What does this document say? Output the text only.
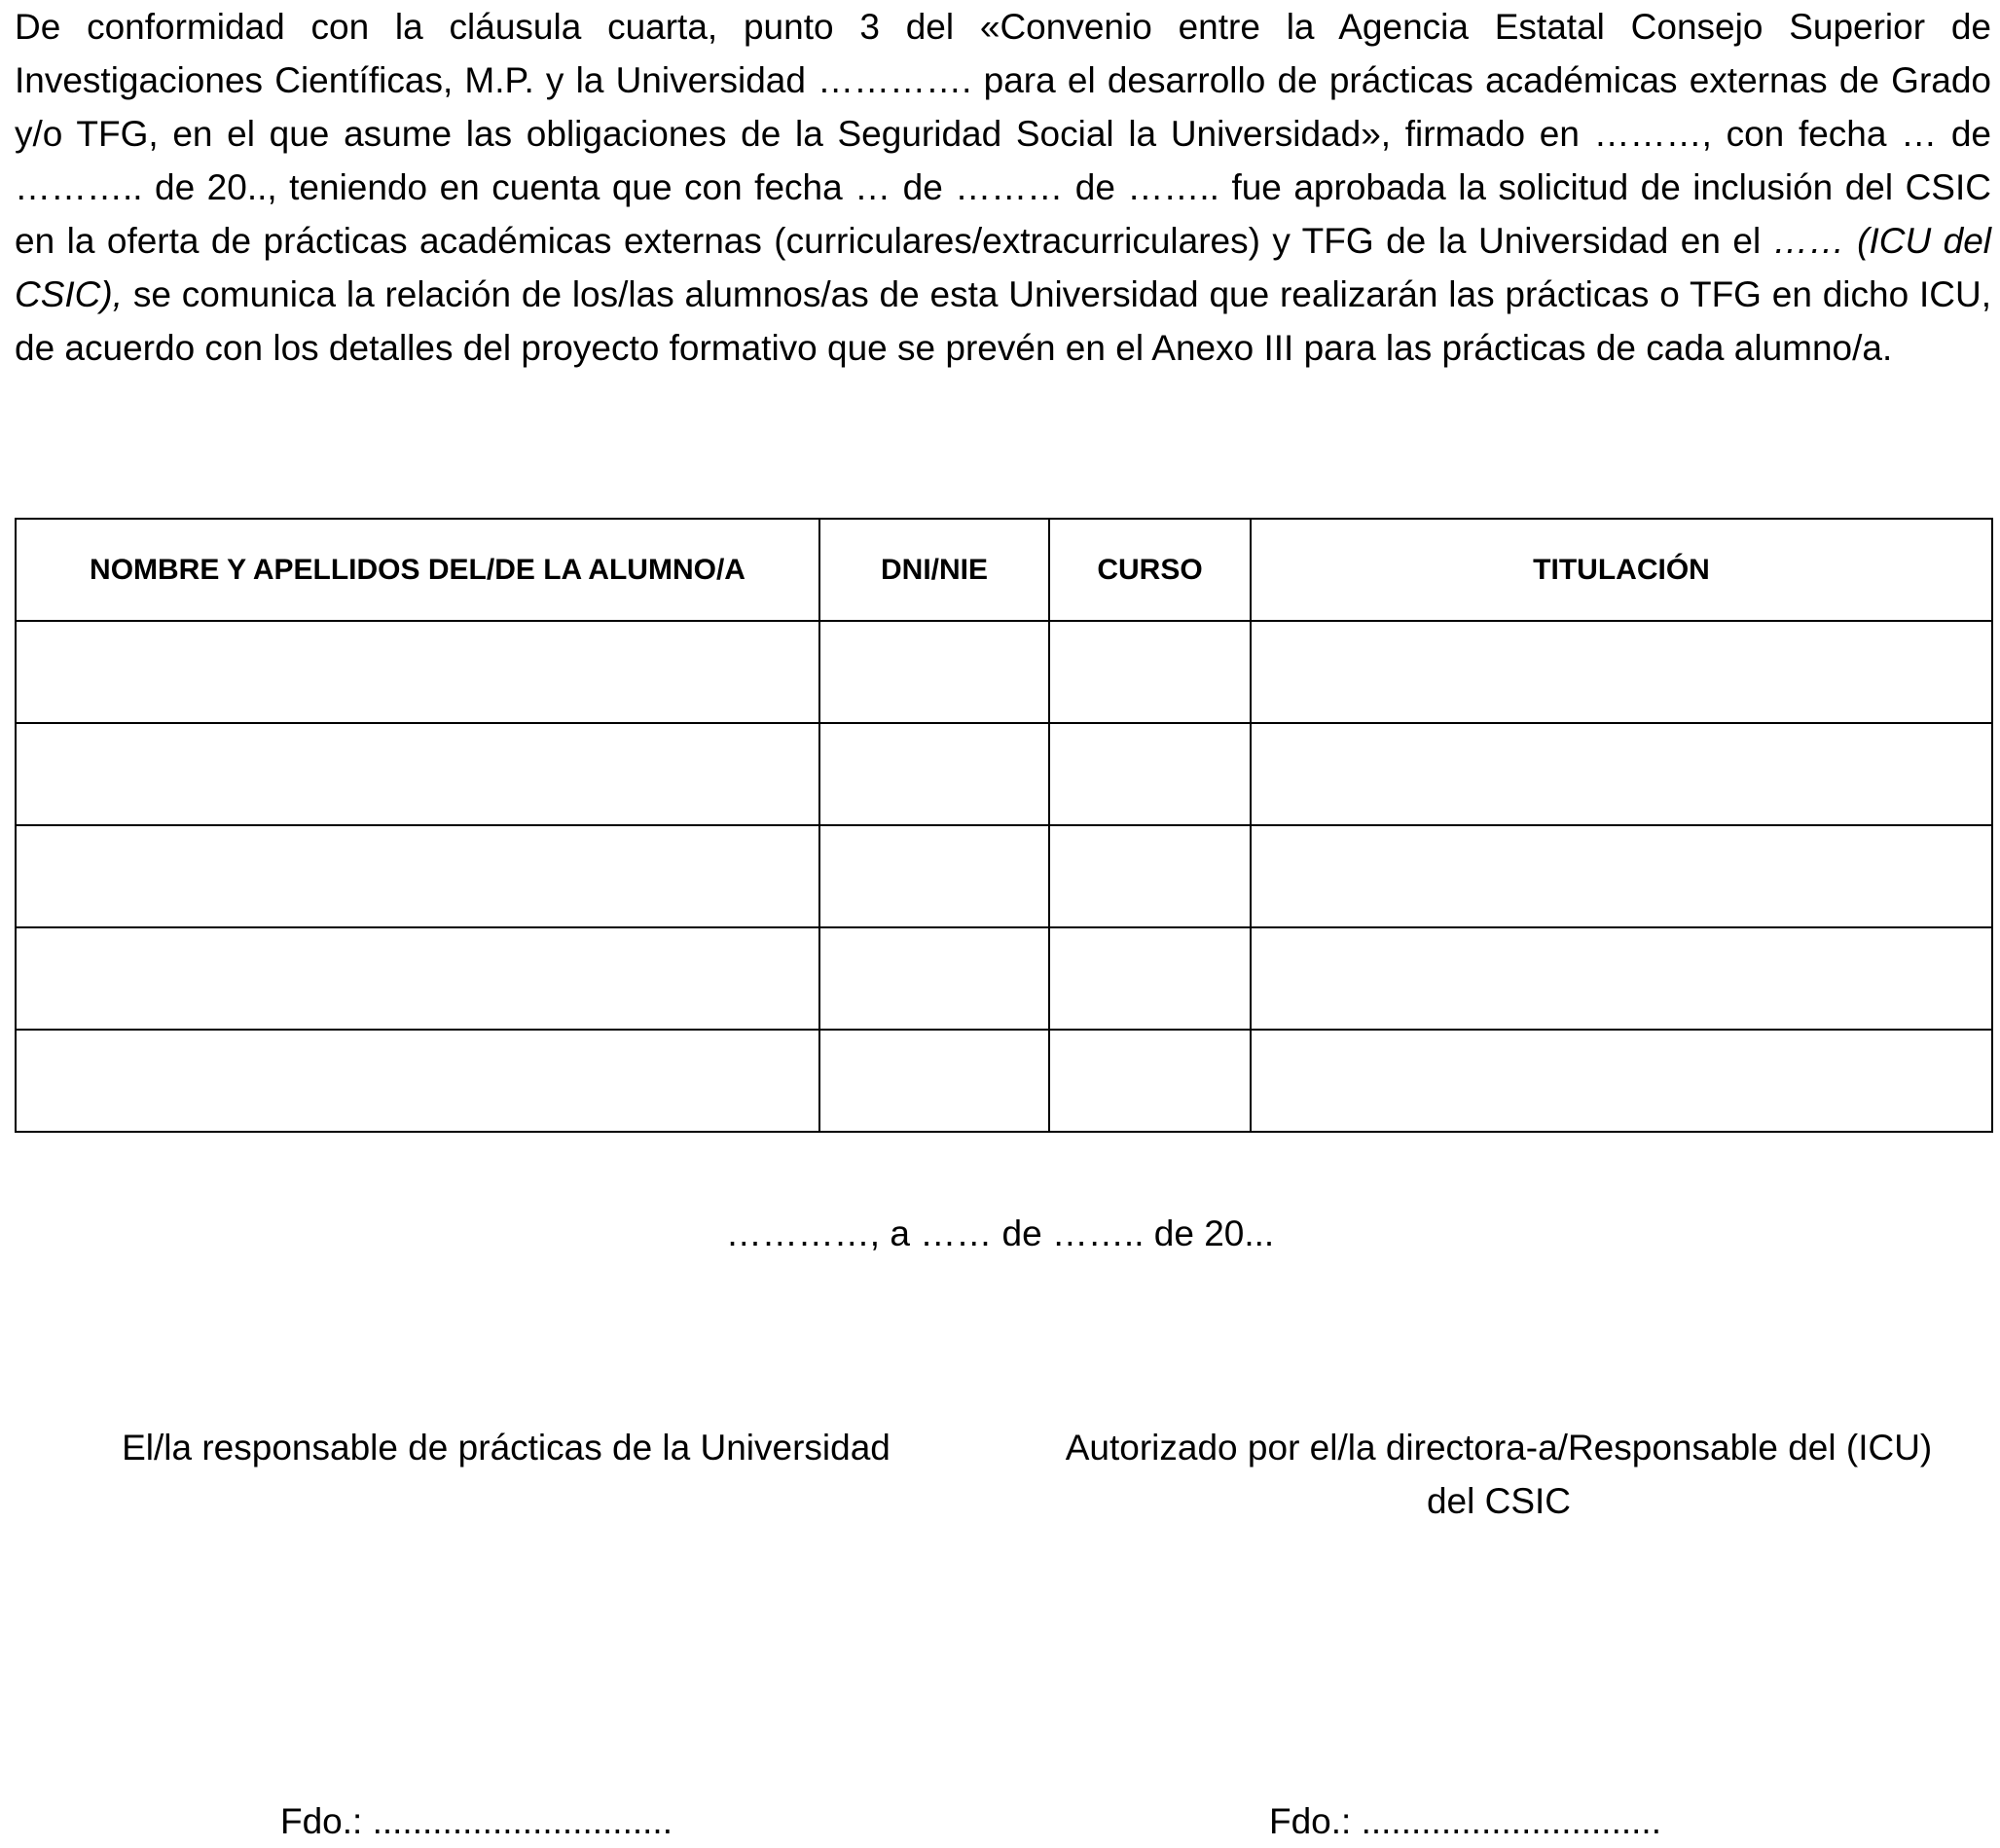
De conformidad con la cláusula cuarta, punto 3 del «Convenio entre la Agencia Estatal Consejo Superior de Investigaciones Científicas, M.P. y la Universidad …………. para el desarrollo de prácticas académicas externas de Grado y/o TFG, en el que asume las obligaciones de la Seguridad Social la Universidad», firmado en ………, con fecha … de ……….. de 20.., teniendo en cuenta que con fecha … de ……… de …….. fue aprobada la solicitud de inclusión del CSIC en la oferta de prácticas académicas externas (curriculares/extracurriculares) y TFG de la Universidad en el …… (ICU del CSIC), se comunica la relación de los/las alumnos/as de esta Universidad que realizarán las prácticas o TFG en dicho ICU, de acuerdo con los detalles del proyecto formativo que se prevén en el Anexo III para las prácticas de cada alumno/a.

NOMBRE Y APELLIDOS DEL/DE LA ALUMNO/A	DNI/NIE	CURSO	TITULACIÓN

…………, a …… de …….. de 20...

El/la responsable de prácticas de la Universidad	Autorizado por el/la directora-a/Responsable del (ICU) del CSIC

Fdo.: ..............................	Fdo.: ..............................
